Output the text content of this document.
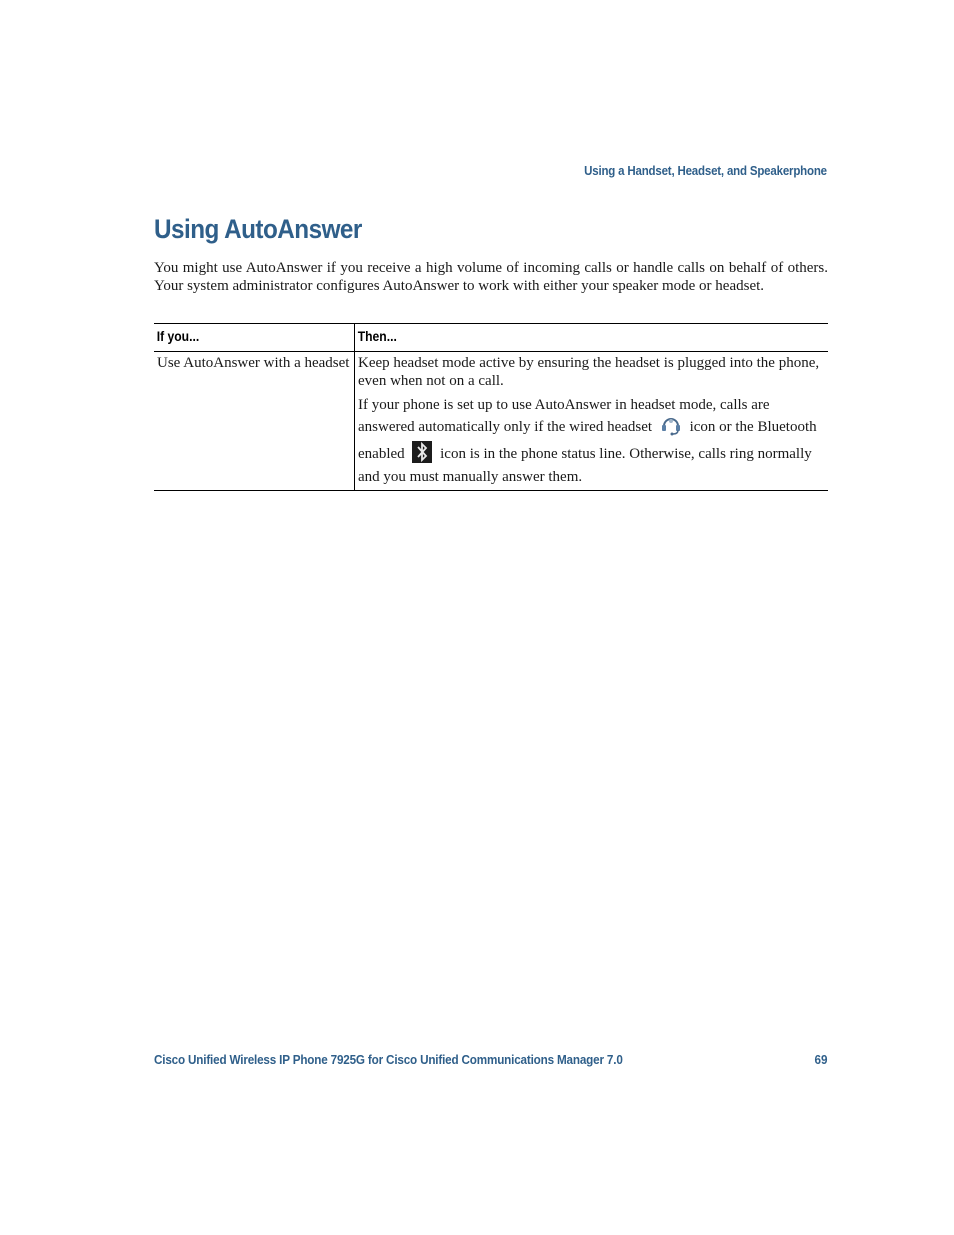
Using a Handset, Headset, and Speakerphone
Using AutoAnswer

You might use AutoAnswer if you receive a high volume of incoming calls or handle calls on behalf of others. Your system administrator configures AutoAnswer to work with either your speaker mode or headset.

If you...	Then...

Use AutoAnswer with a headset	Keep headset mode active by ensuring the headset is plugged into the phone, even when not on a call.

If your phone is set up to use AutoAnswer in headset mode, calls are answered automatically only if the wired headset icon or the Bluetooth enabled icon is in the phone status line. Otherwise, calls ring normally and you must manually answer them.

Cisco Unified Wireless IP Phone 7925G for Cisco Unified Communications Manager 7.0	69
